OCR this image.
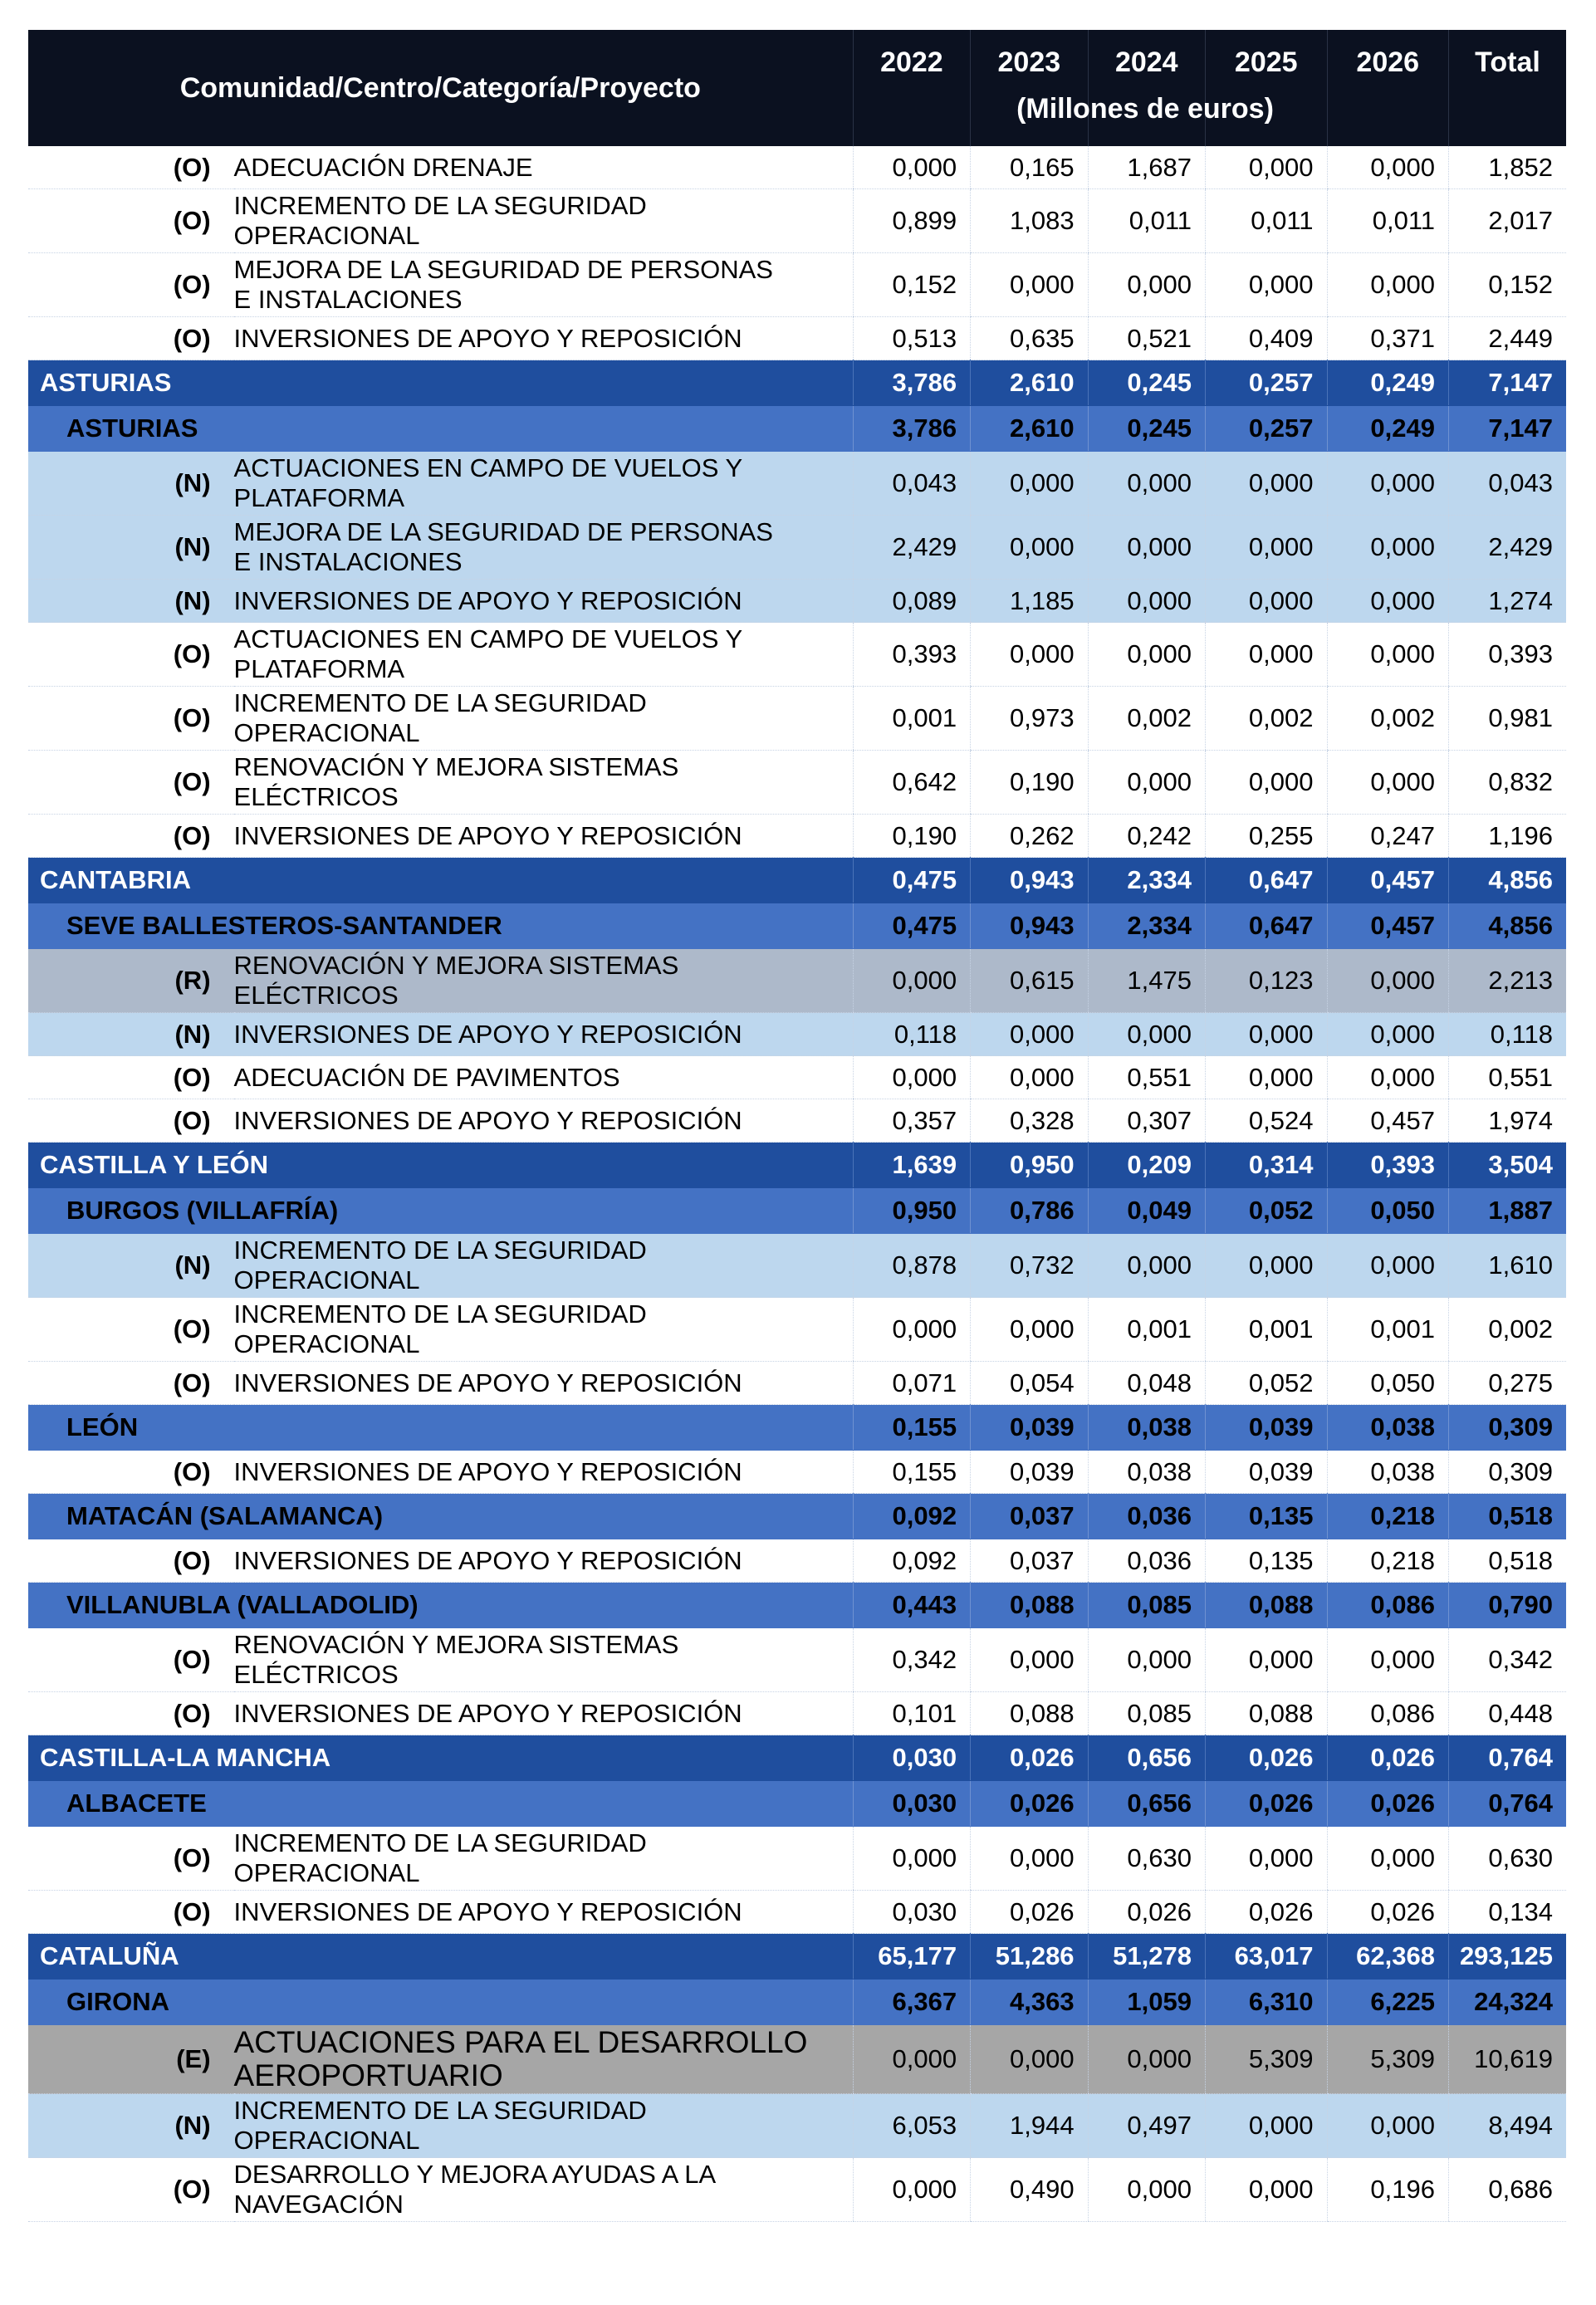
Comunidad/Centro/Categoría/Proyecto		2022	2023	2024	2025	2026	Total
(O)	ADECUACIÓN DRENAJE	0,000	0,165	1,687	0,000	0,000	1,852
(O)	INCREMENTO DE LA SEGURIDAD
OPERACIONAL	0,899	1,083	0,011	0,011	0,011	2,017
(O)	MEJORA DE LA SEGURIDAD DE PERSONAS
E INSTALACIONES	0,152	0,000	0,000	0,000	0,000	0,152
(O)	INVERSIONES DE APOYO Y REPOSICIÓN	0,513	0,635	0,521	0,409	0,371	2,449
ASTURIAS		3,786	2,610	0,245	0,257	0,249	7,147
ASTURIAS		3,786	2,610	0,245	0,257	0,249	7,147
(N)	ACTUACIONES EN CAMPO DE VUELOS Y
PLATAFORMA	0,043	0,000	0,000	0,000	0,000	0,043
(N)	MEJORA DE LA SEGURIDAD DE PERSONAS
E INSTALACIONES	2,429	0,000	0,000	0,000	0,000	2,429
(N)	INVERSIONES DE APOYO Y REPOSICIÓN	0,089	1,185	0,000	0,000	0,000	1,274
(O)	ACTUACIONES EN CAMPO DE VUELOS Y
PLATAFORMA	0,393	0,000	0,000	0,000	0,000	0,393
(O)	INCREMENTO DE LA SEGURIDAD
OPERACIONAL	0,001	0,973	0,002	0,002	0,002	0,981
(O)	RENOVACIÓN Y MEJORA SISTEMAS
ELÉCTRICOS	0,642	0,190	0,000	0,000	0,000	0,832
(O)	INVERSIONES DE APOYO Y REPOSICIÓN	0,190	0,262	0,242	0,255	0,247	1,196
CANTABRIA		0,475	0,943	2,334	0,647	0,457	4,856
SEVE BALLESTEROS-SANTANDER		0,475	0,943	2,334	0,647	0,457	4,856
(R)	RENOVACIÓN Y MEJORA SISTEMAS
ELÉCTRICOS	0,000	0,615	1,475	0,123	0,000	2,213
(N)	INVERSIONES DE APOYO Y REPOSICIÓN	0,118	0,000	0,000	0,000	0,000	0,118
(O)	ADECUACIÓN DE PAVIMENTOS	0,000	0,000	0,551	0,000	0,000	0,551
(O)	INVERSIONES DE APOYO Y REPOSICIÓN	0,357	0,328	0,307	0,524	0,457	1,974
CASTILLA Y LEÓN		1,639	0,950	0,209	0,314	0,393	3,504
BURGOS (VILLAFRÍA)		0,950	0,786	0,049	0,052	0,050	1,887
(N)	INCREMENTO DE LA SEGURIDAD
OPERACIONAL	0,878	0,732	0,000	0,000	0,000	1,610
(O)	INCREMENTO DE LA SEGURIDAD
OPERACIONAL	0,000	0,000	0,001	0,001	0,001	0,002
(O)	INVERSIONES DE APOYO Y REPOSICIÓN	0,071	0,054	0,048	0,052	0,050	0,275
LEÓN		0,155	0,039	0,038	0,039	0,038	0,309
(O)	INVERSIONES DE APOYO Y REPOSICIÓN	0,155	0,039	0,038	0,039	0,038	0,309
MATACÁN (SALAMANCA)		0,092	0,037	0,036	0,135	0,218	0,518
(O)	INVERSIONES DE APOYO Y REPOSICIÓN	0,092	0,037	0,036	0,135	0,218	0,518
VILLANUBLA (VALLADOLID)		0,443	0,088	0,085	0,088	0,086	0,790
(O)	RENOVACIÓN Y MEJORA SISTEMAS
ELÉCTRICOS	0,342	0,000	0,000	0,000	0,000	0,342
(O)	INVERSIONES DE APOYO Y REPOSICIÓN	0,101	0,088	0,085	0,088	0,086	0,448
CASTILLA-LA MANCHA		0,030	0,026	0,656	0,026	0,026	0,764
ALBACETE		0,030	0,026	0,656	0,026	0,026	0,764
(O)	INCREMENTO DE LA SEGURIDAD
OPERACIONAL	0,000	0,000	0,630	0,000	0,000	0,630
(O)	INVERSIONES DE APOYO Y REPOSICIÓN	0,030	0,026	0,026	0,026	0,026	0,134
CATALUÑA		65,177	51,286	51,278	63,017	62,368	293,125
GIRONA		6,367	4,363	1,059	6,310	6,225	24,324
(E)	ACTUACIONES PARA EL DESARROLLO
AEROPORTUARIO	0,000	0,000	0,000	5,309	5,309	10,619
(N)	INCREMENTO DE LA SEGURIDAD
OPERACIONAL	6,053	1,944	0,497	0,000	0,000	8,494
(O)	DESARROLLO Y MEJORA AYUDAS A LA
NAVEGACIÓN	0,000	0,490	0,000	0,000	0,196	0,686
(Millones de euros)
